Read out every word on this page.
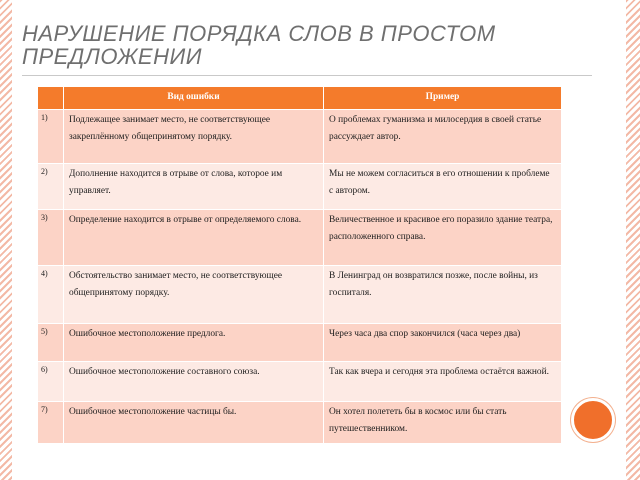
НАРУШЕНИЕ ПОРЯДКА СЛОВ В ПРОСТОМ ПРЕДЛОЖЕНИИ
	Вид ошибки	Пример
1)	Подлежащее занимает место, не соответствующее закреплённому общепринятому порядку.	О проблемах гуманизма и милосердия в своей статье рассуждает автор.
2)	Дополнение находится в отрыве от слова, которое им управляет.	Мы не можем согласиться в его отношении к проблеме с автором.
3)	Определение находится в отрыве от определяемого слова.	Величественное и красивое его поразило здание театра, расположенного справа.
4)	Обстоятельство занимает место, не соответствующее общепринятому порядку.	В Ленинград он возвратился позже, после войны, из госпиталя.
5)	Ошибочное местоположение предлога.	Через часа два спор закончился (часа через два)
6)	Ошибочное местоположение составного союза.	Так как вчера и сегодня эта проблема остаётся важной.
7)	Ошибочное местоположение частицы бы.	Он хотел полететь бы в космос или бы стать путешественником.
